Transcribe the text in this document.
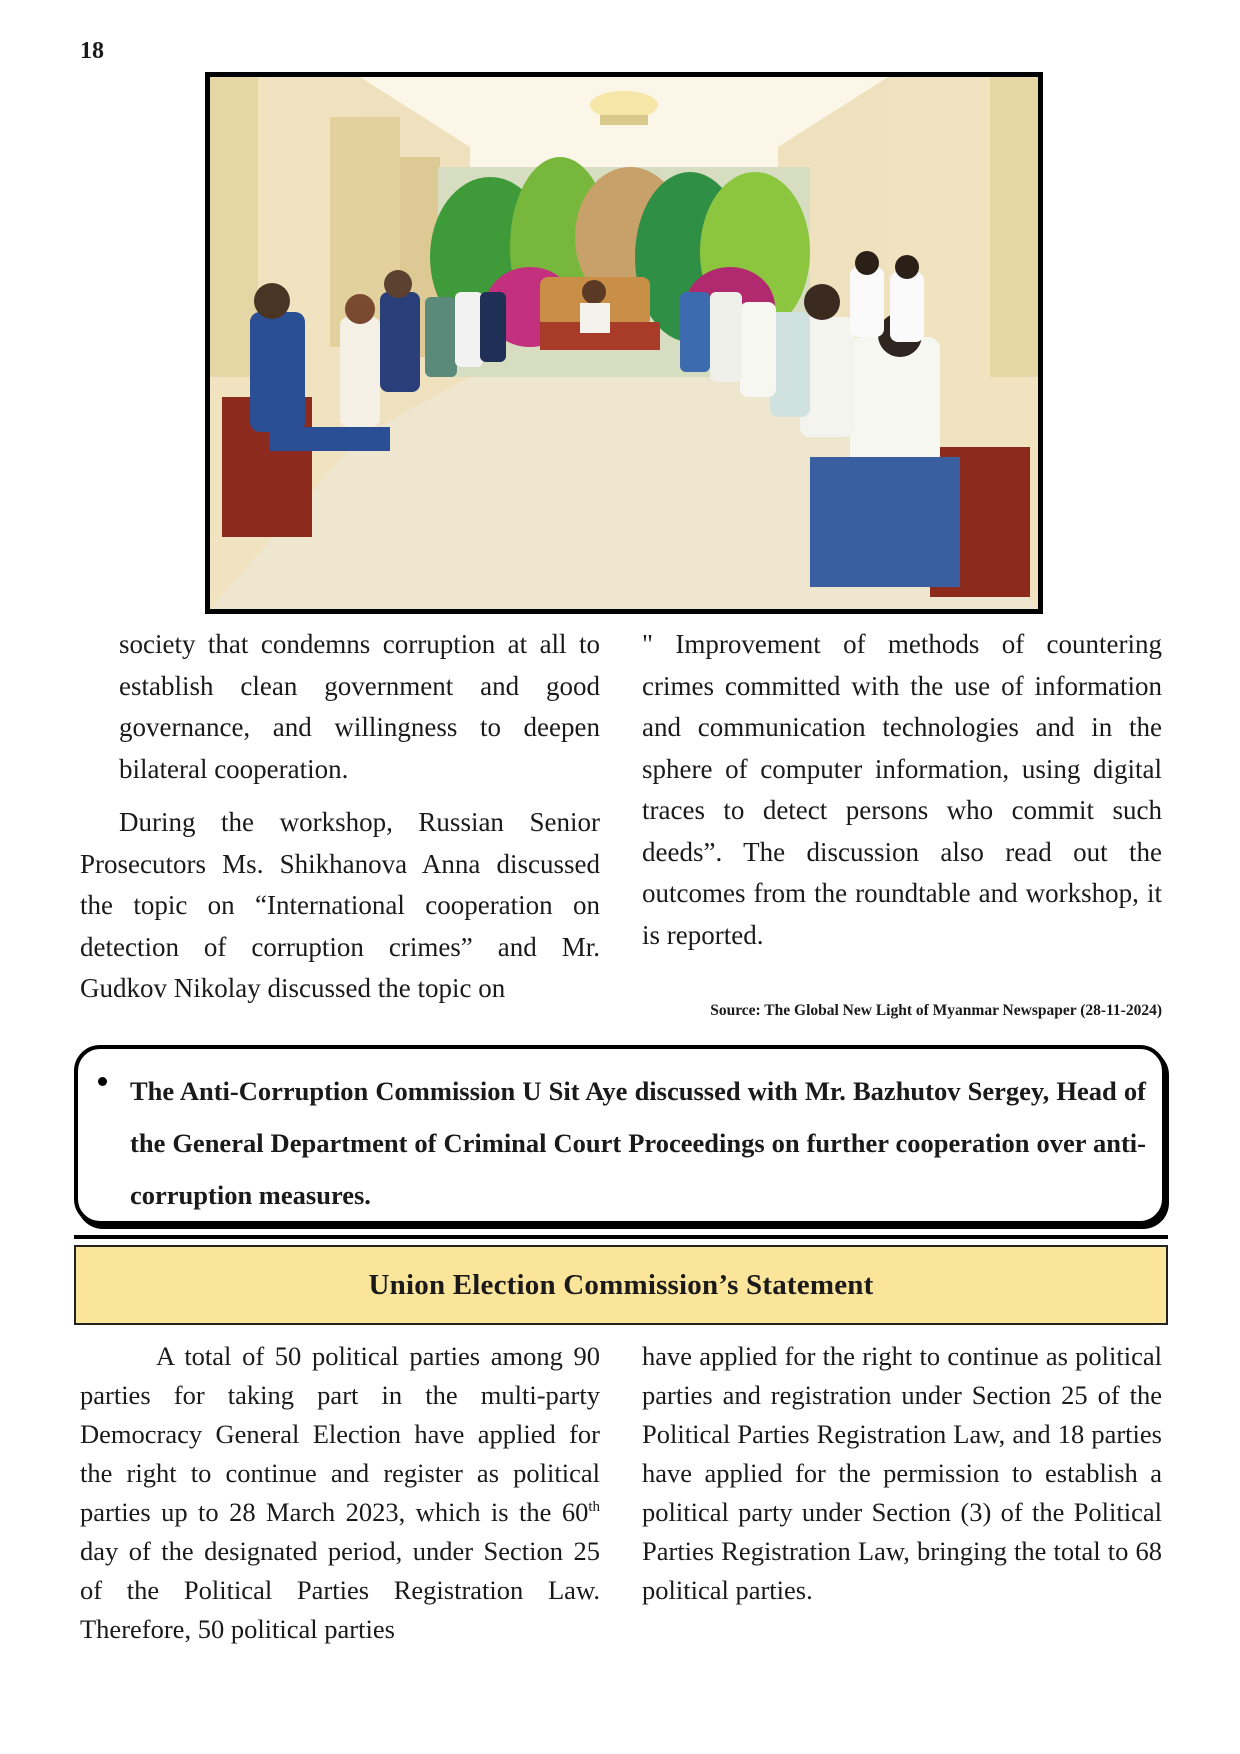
18

society that condemns corruption at all to establish clean government and good governance, and willingness to deepen bilateral cooperation.

During the workshop, Russian Senior Prosecutors Ms. Shikhanova Anna discussed the topic on “International cooperation on detection of corruption crimes” and Mr. Gudkov Nikolay discussed the topic on

" Improvement of methods of countering crimes committed with the use of information and communication technologies and in the sphere of computer information, using digital traces to detect persons who commit such deeds”. The discussion also read out the outcomes from the roundtable and workshop, it is reported.

Source: The Global New Light of Myanmar Newspaper (28-11-2024)
The Anti-Corruption Commission U Sit Aye discussed with Mr. Bazhutov Sergey, Head of the General Department of Criminal Court Proceedings on further cooperation over anti-corruption measures.
Union Election Commission’s Statement

A total of 50 political parties among 90 parties for taking part in the multi-party Democracy General Election have applied for the right to continue and register as political parties up to 28 March 2023, which is the 60th day of the designated period, under Section 25 of the Political Parties Registration Law. Therefore, 50 political parties

have applied for the right to continue as political parties and registration under Section 25 of the Political Parties Registration Law, and 18 parties have applied for the permission to establish a political party under Section (3) of the Political Parties Registration Law, bringing the total to 68 political parties.
